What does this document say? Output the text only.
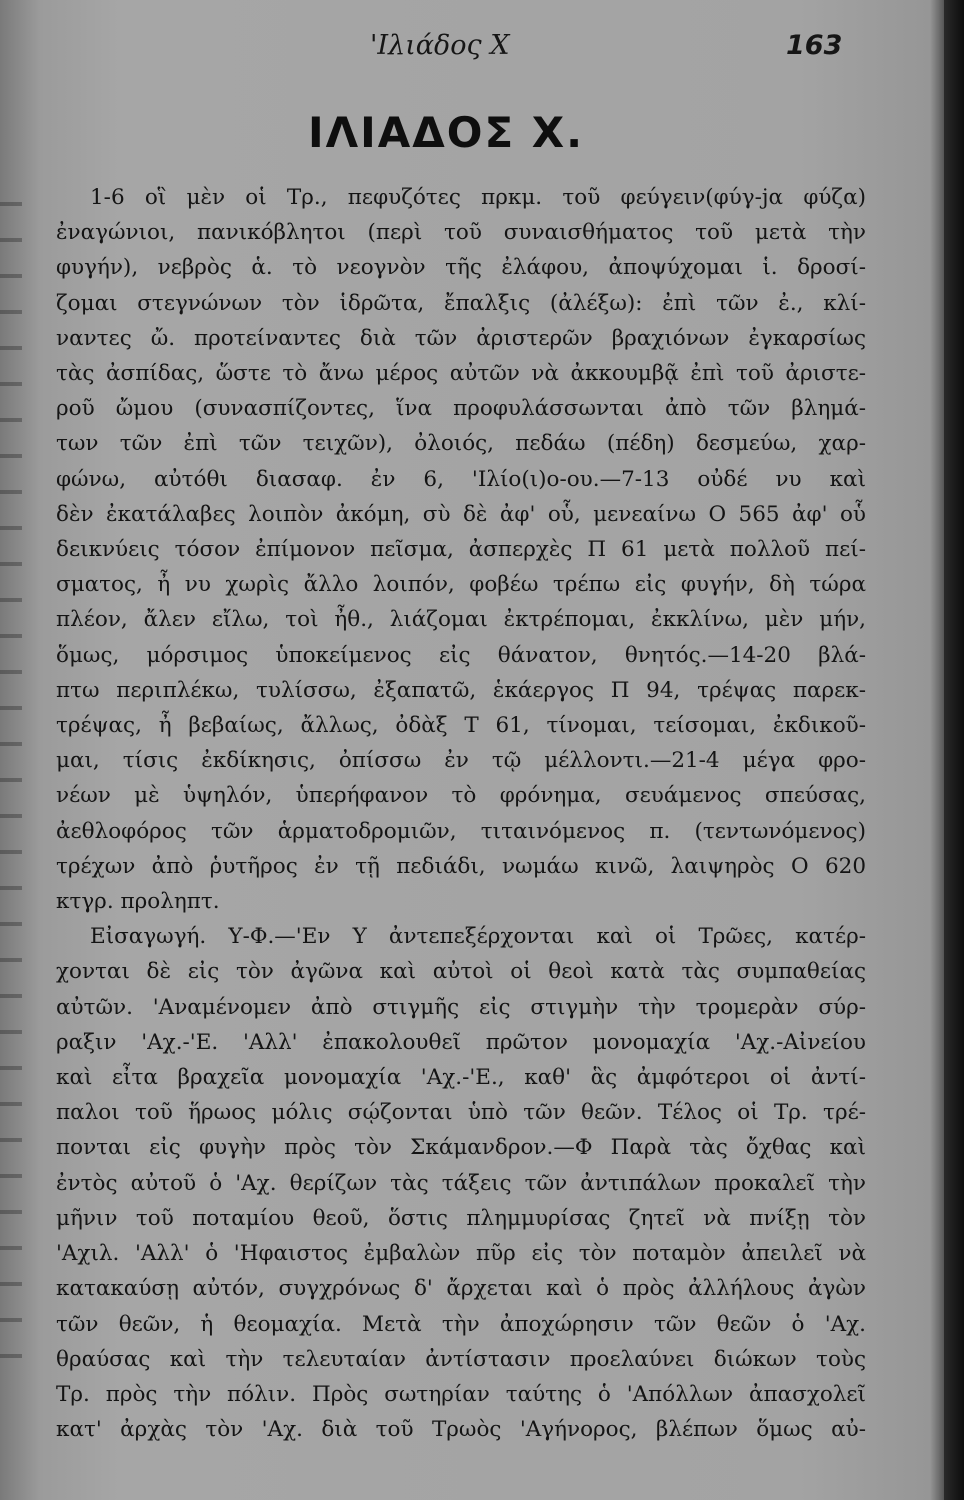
'Ιλιάδος Χ	163
ΙΛΙΑΔΟΣ Χ.
1-6 οἳ μὲν οἱ Τρ., πεφυζότες πρκμ. τοῦ φεύγειν(φύγ-jα φύζα)
ἐναγώνιοι, πανικόβλητοι (περὶ τοῦ συναισθήματος τοῦ μετὰ τὴν
φυγήν), νεβρὸς ἁ. τὸ νεογνὸν τῆς ἐλάφου, ἀποψύχομαι ἱ. δροσί-
ζομαι στεγνώνων τὸν ἱδρῶτα, ἔπαλξις (ἀλέξω): ἐπὶ τῶν ἐ., κλί-
ναντες ὤ. προτείναντες διὰ τῶν ἀριστερῶν βραχιόνων ἐγκαρσίως
τὰς ἀσπίδας, ὥστε τὸ ἄνω μέρος αὐτῶν νὰ ἀκκουμβᾷ ἐπὶ τοῦ ἀριστε-
ροῦ ὤμου (συνασπίζοντες, ἵνα προφυλάσσωνται ἀπὸ τῶν βλημά-
των τῶν ἐπὶ τῶν τειχῶν), ὀλοιός, πεδάω (πέδη) δεσμεύω, χαρ-
φώνω, αὐτόθι διασαφ. ἐν 6, 'Ιλίο(ι)ο-ου.—7-13 οὐδέ νυ καὶ
δὲν ἐκατάλαβες λοιπὸν ἀκόμη, σὺ δὲ ἀφ' οὗ, μενεαίνω Ο 565 ἀφ' οὗ
δεικνύεις τόσον ἐπίμονον πεῖσμα, ἀσπερχὲς Π 61 μετὰ πολλοῦ πεί-
σματος, ἦ νυ χωρὶς ἄλλο λοιπόν, φοβέω τρέπω εἰς φυγήν, δὴ τώρα
πλέον, ἄλεν εἴλω, τοὶ ἦθ., λιάζομαι ἐκτρέπομαι, ἐκκλίνω, μὲν μήν,
ὅμως, μόρσιμος ὑποκείμενος εἰς θάνατον, θνητός.—14-20 βλά-
πτω περιπλέκω, τυλίσσω, ἐξαπατῶ, ἑκάεργος Π 94, τρέψας παρεκ-
τρέψας, ἦ βεβαίως, ἄλλως, ὀδὰξ Τ 61, τίνομαι, τείσομαι, ἐκδικοῦ-
μαι, τίσις ἐκδίκησις, ὀπίσσω ἐν τῷ μέλλοντι.—21-4 μέγα φρο-
νέων μὲ ὑψηλόν, ὑπερήφανον τὸ φρόνημα, σευάμενος σπεύσας,
ἀεθλοφόρος τῶν ἁρματοδρομιῶν, τιταινόμενος π. (τεντωνόμενος)
τρέχων ἀπὸ ῥυτῆρος ἐν τῇ πεδιάδι, νωμάω κινῶ, λαιψηρὸς Ο 620
κτγρ. προληπτ.
Εἰσαγωγή. Υ-Φ.—'Εν Υ ἀντεπεξέρχονται καὶ οἱ Τρῶες, κατέρ-
χονται δὲ εἰς τὸν ἀγῶνα καὶ αὐτοὶ οἱ θεοὶ κατὰ τὰς συμπαθείας
αὐτῶν. 'Αναμένομεν ἀπὸ στιγμῆς εἰς στιγμὴν τὴν τρομερὰν σύρ-
ραξιν 'Αχ.-'Ε. 'Αλλ' ἐπακολουθεῖ πρῶτον μονομαχία 'Αχ.-Αἰνείου
καὶ εἶτα βραχεῖα μονομαχία 'Αχ.-'Ε., καθ' ἃς ἀμφότεροι οἱ ἀντί-
παλοι τοῦ ἥρωος μόλις σῴζονται ὑπὸ τῶν θεῶν. Τέλος οἱ Τρ. τρέ-
πονται εἰς φυγὴν πρὸς τὸν Σκάμανδρον.—Φ Παρὰ τὰς ὄχθας καὶ
ἐντὸς αὐτοῦ ὁ 'Αχ. θερίζων τὰς τάξεις τῶν ἀντιπάλων προκαλεῖ τὴν
μῆνιν τοῦ ποταμίου θεοῦ, ὅστις πλημμυρίσας ζητεῖ νὰ πνίξῃ τὸν
'Αχιλ. 'Αλλ' ὁ 'Ηφαιστος ἐμβαλὼν πῦρ εἰς τὸν ποταμὸν ἀπειλεῖ νὰ
κατακαύσῃ αὐτόν, συγχρόνως δ' ἄρχεται καὶ ὁ πρὸς ἀλλήλους ἀγὼν
τῶν θεῶν, ἡ θεομαχία. Μετὰ τὴν ἀποχώρησιν τῶν θεῶν ὁ 'Αχ.
θραύσας καὶ τὴν τελευταίαν ἀντίστασιν προελαύνει διώκων τοὺς
Τρ. πρὸς τὴν πόλιν. Πρὸς σωτηρίαν ταύτης ὁ 'Απόλλων ἀπασχολεῖ
κατ' ἀρχὰς τὸν 'Αχ. διὰ τοῦ Τρωὸς 'Αγήνορος, βλέπων ὅμως αὐ-
